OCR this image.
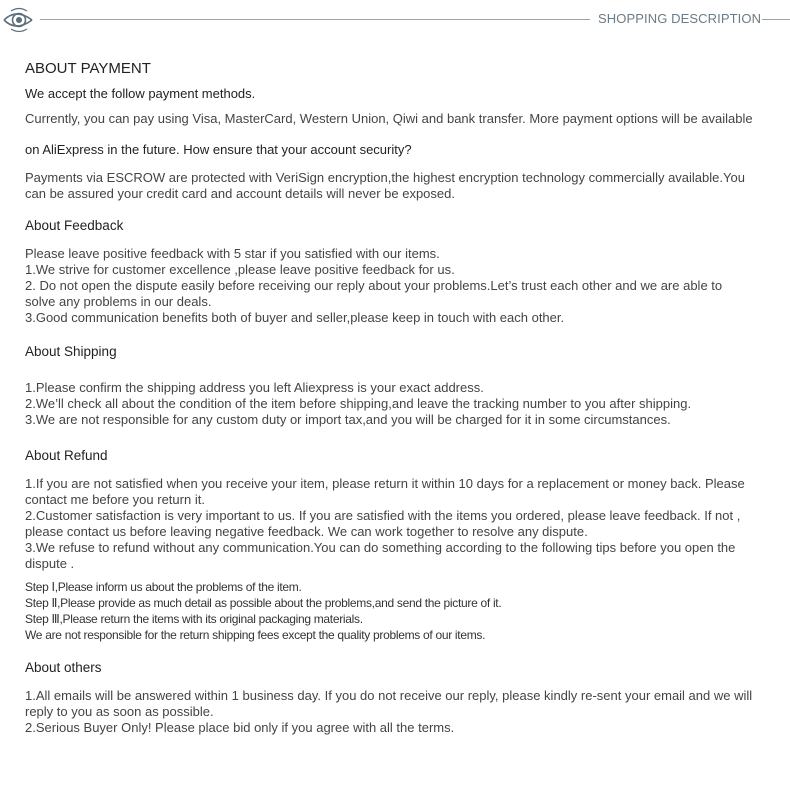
SHOPPING DESCRIPTION
ABOUT PAYMENT
We accept the follow payment methods.
Currently, you can pay using Visa, MasterCard, Western Union, Qiwi and bank transfer. More payment options will be available
on AliExpress in the future. How ensure that your account security?
Payments via ESCROW are protected with VeriSign encryption,the highest encryption technology commercially available.You
can be assured your credit card and account details will never be exposed.
About Feedback
Please leave positive feedback with 5 star if you satisfied with our items.
1.We strive for customer excellence ,please leave positive feedback for us.
2. Do not open the dispute easily before receiving our reply about your problems.Let’s trust each other and we are able to
solve any problems in our deals.
3.Good communication benefits both of buyer and seller,please keep in touch with each other.
About Shipping
1.Please confirm the shipping address you left Aliexpress is your exact address.
2.We’ll check all about the condition of the item before shipping,and leave the tracking number to you after shipping.
3.We are not responsible for any custom duty or import tax,and you will be charged for it in some circumstances.
About Refund
1.If you are not satisfied when you receive your item, please return it within 10 days for a replacement or money back. Please
contact me before you return it.
2.Customer satisfaction is very important to us. If you are satisfied with the items you ordered, please leave feedback. If not ,
please contact us before leaving negative feedback. We can work together to resolve any dispute.
3.We refuse to refund without any communication.You can do something according to the following tips before you open the
dispute .
Step Ⅰ,Please inform us about the problems of the item.
Step Ⅱ,Please provide as much detail as possible about the problems,and send the picture of it.
Step Ⅲ,Please return the items with its original packaging materials.
We are not responsible for the return shipping fees except the quality problems of our items.
About others
1.All emails will be answered within 1 business day. If you do not receive our reply, please kindly re-sent your email and we will
reply to you as soon as possible.
2.Serious Buyer Only! Please place bid only if you agree with all the terms.
